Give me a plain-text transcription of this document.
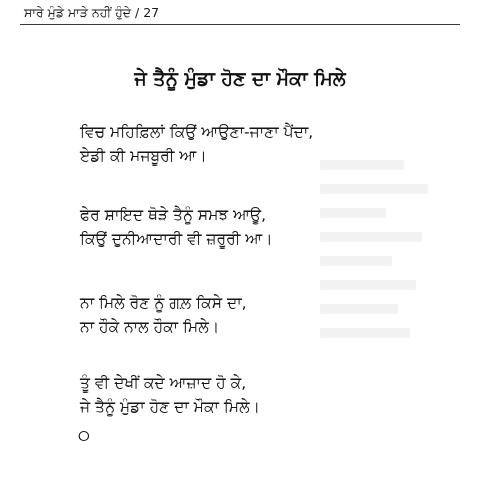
ਸਾਰੇ ਮੁੰਡੇ ਮਾੜੇ ਨਹੀਂ ਹੁੰਦੇ / 27
ਜੇ ਤੈਨੂੰ ਮੁੰਡਾ ਹੋਣ ਦਾ ਮੌਕਾ ਮਿਲੇ

ਵਿਚ ਮਹਿਫ਼ਿਲਾਂ ਕਿਉਂ ਆਉਣਾ-ਜਾਣਾ ਪੈਂਦਾ,
ਏਡੀ ਕੀ ਮਜਬੂਰੀ ਆ।

ਫੇਰ ਸ਼ਾਇਦ ਥੋੜੇ ਤੈਨੂੰ ਸਮਝ ਆਊ,
ਕਿਉਂ ਦੁਨੀਆਦਾਰੀ ਵੀ ਜ਼ਰੂਰੀ ਆ।

ਨਾ ਮਿਲੇ ਰੋਣ ਨੂੰ ਗਲ਼ ਕਿਸੇ ਦਾ,
ਨਾ ਹੌਕੇ ਨਾਲ ਹੌਕਾ ਮਿਲੇ।

ਤੂੰ ਵੀ ਦੇਖੀਂ ਕਦੇ ਆਜ਼ਾਦ ਹੋ ਕੇ,
ਜੇ ਤੈਨੂੰ ਮੁੰਡਾ ਹੋਣ ਦਾ ਮੌਕਾ ਮਿਲੇ।

੦
